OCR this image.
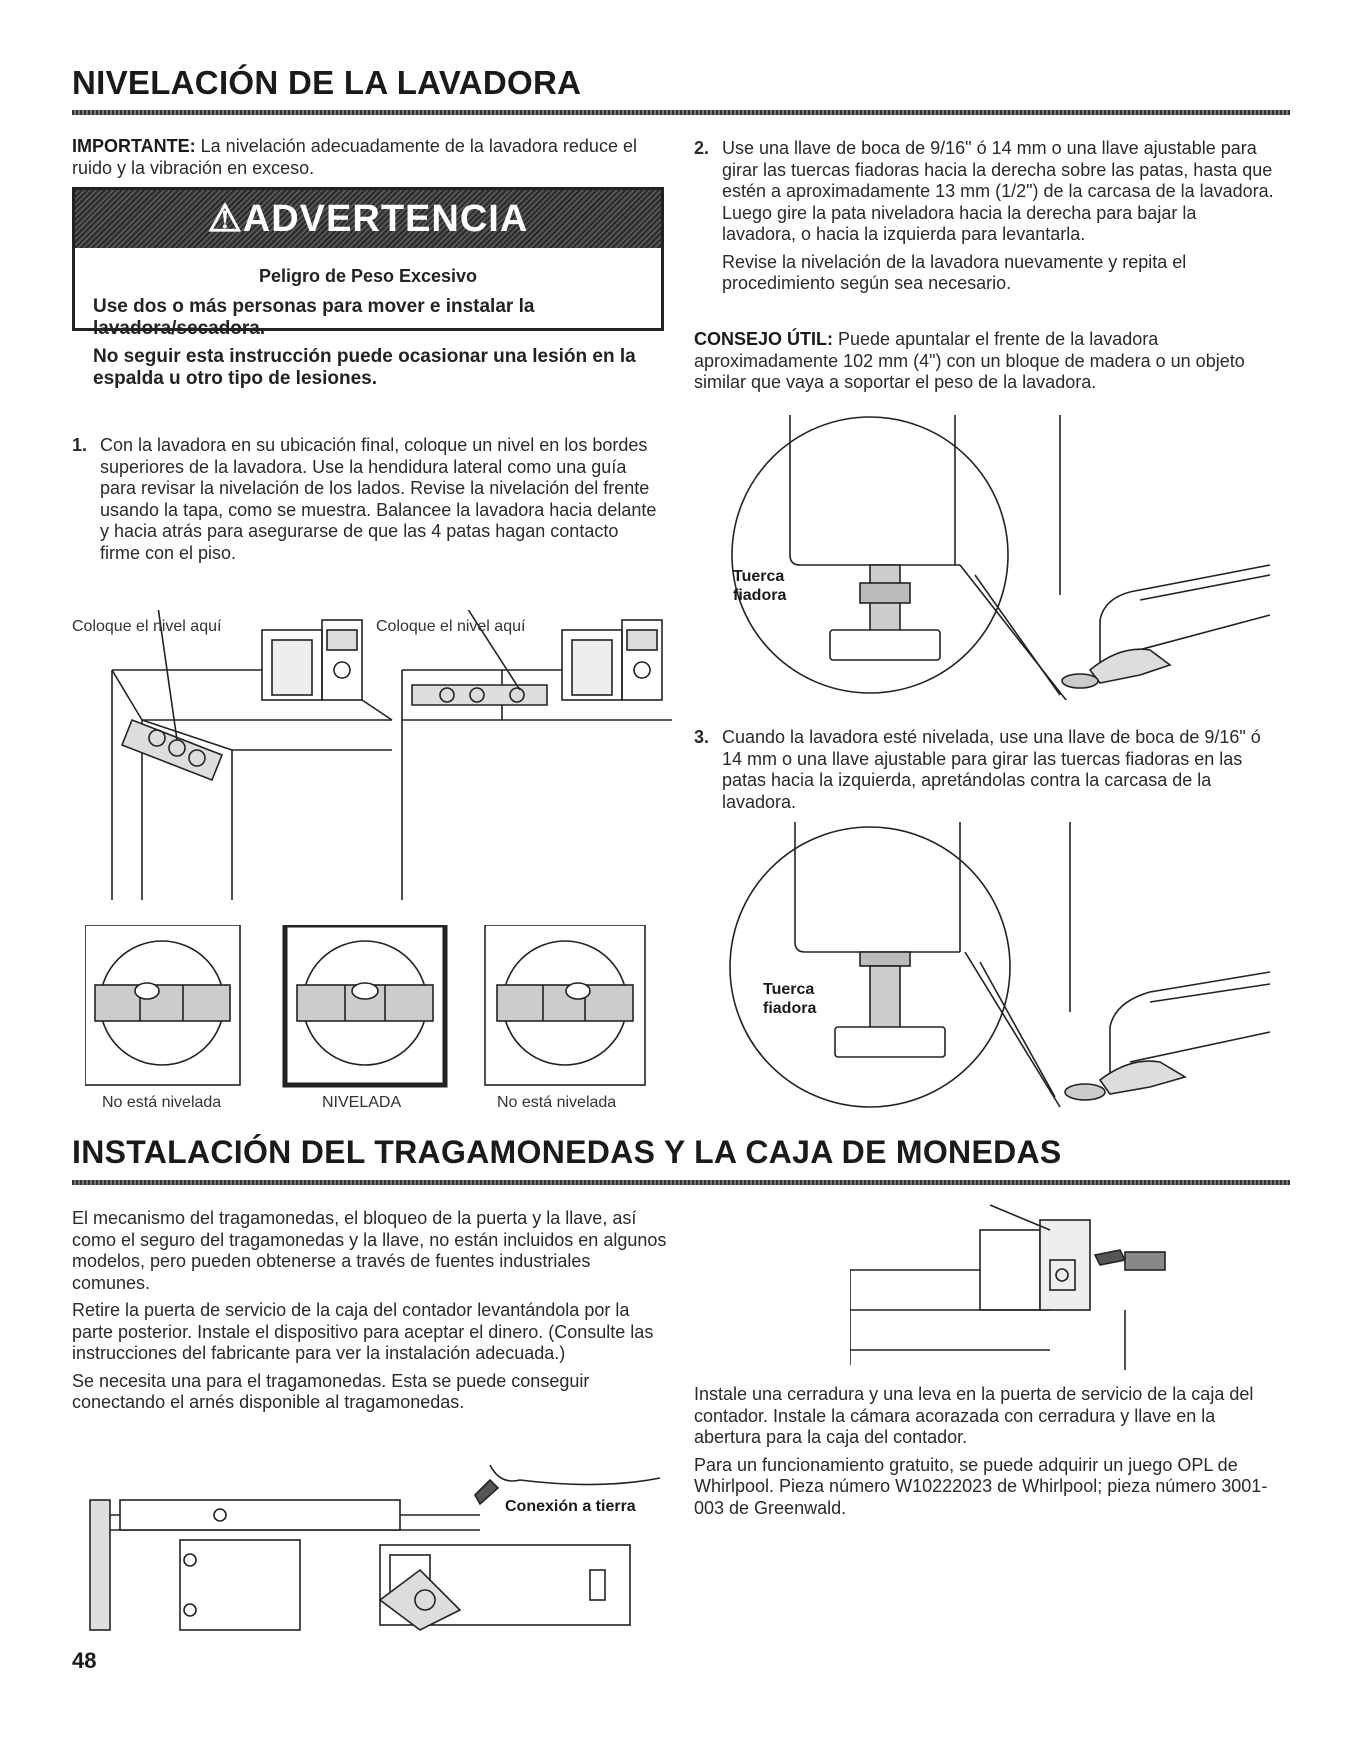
NIVELACIÓN DE LA LAVADORA

IMPORTANTE: La nivelación adecuadamente de la lavadora reduce el ruido y la vibración en exceso.

⚠ADVERTENCIA
Peligro de Peso Excesivo

Use dos o más personas para mover e instalar la lavadora/secadora.

No seguir esta instrucción puede ocasionar una lesión en la espalda u otro tipo de lesiones.

1. Con la lavadora en su ubicación final, coloque un nivel en los bordes superiores de la lavadora. Use la hendidura lateral como una guía para revisar la nivelación de los lados. Revise la nivelación del frente usando la tapa, como se muestra. Balancee la lavadora hacia delante y hacia atrás para asegurarse de que las 4 patas hagan contacto firme con el piso.

Coloque el nivel aquí	Coloque el nivel aquí
No está nivelada	NIVELADA	No está nivelada
2. Use una llave de boca de 9/16" ó 14 mm o una llave ajustable para girar las tuercas fiadoras hacia la derecha sobre las patas, hasta que estén a aproximadamente 13 mm (1/2") de la carcasa de la lavadora. Luego gire la pata niveladora hacia la derecha para bajar la lavadora, o hacia la izquierda para levantarla.

Revise la nivelación de la lavadora nuevamente y repita el procedimiento según sea necesario.

CONSEJO ÚTIL: Puede apuntalar el frente de la lavadora aproximadamente 102 mm (4") con un bloque de madera o un objeto similar que vaya a soportar el peso de la lavadora.

Tuerca
fiadora
3. Cuando la lavadora esté nivelada, use una llave de boca de 9/16" ó 14 mm o una llave ajustable para girar las tuercas fiadoras en las patas hacia la izquierda, apretándolas contra la carcasa de la lavadora.

Tuerca
fiadora
INSTALACIÓN DEL TRAGAMONEDAS Y LA CAJA DE MONEDAS

El mecanismo del tragamonedas, el bloqueo de la puerta y la llave, así como el seguro del tragamonedas y la llave, no están incluidos en algunos modelos, pero pueden obtenerse a través de fuentes industriales comunes.

Retire la puerta de servicio de la caja del contador levantándola por la parte posterior. Instale el dispositivo para aceptar el dinero. (Consulte las instrucciones del fabricante para ver la instalación adecuada.)

Se necesita una para el tragamonedas. Esta se puede conseguir conectando el arnés disponible al tragamonedas.

Conexión a tierra

Instale una cerradura y una leva en la puerta de servicio de la caja del contador. Instale la cámara acorazada con cerradura y llave en la abertura para la caja del contador.

Para un funcionamiento gratuito, se puede adquirir un juego OPL de Whirlpool. Pieza número W10222023 de Whirlpool; pieza número 3001-003 de Greenwald.

48
